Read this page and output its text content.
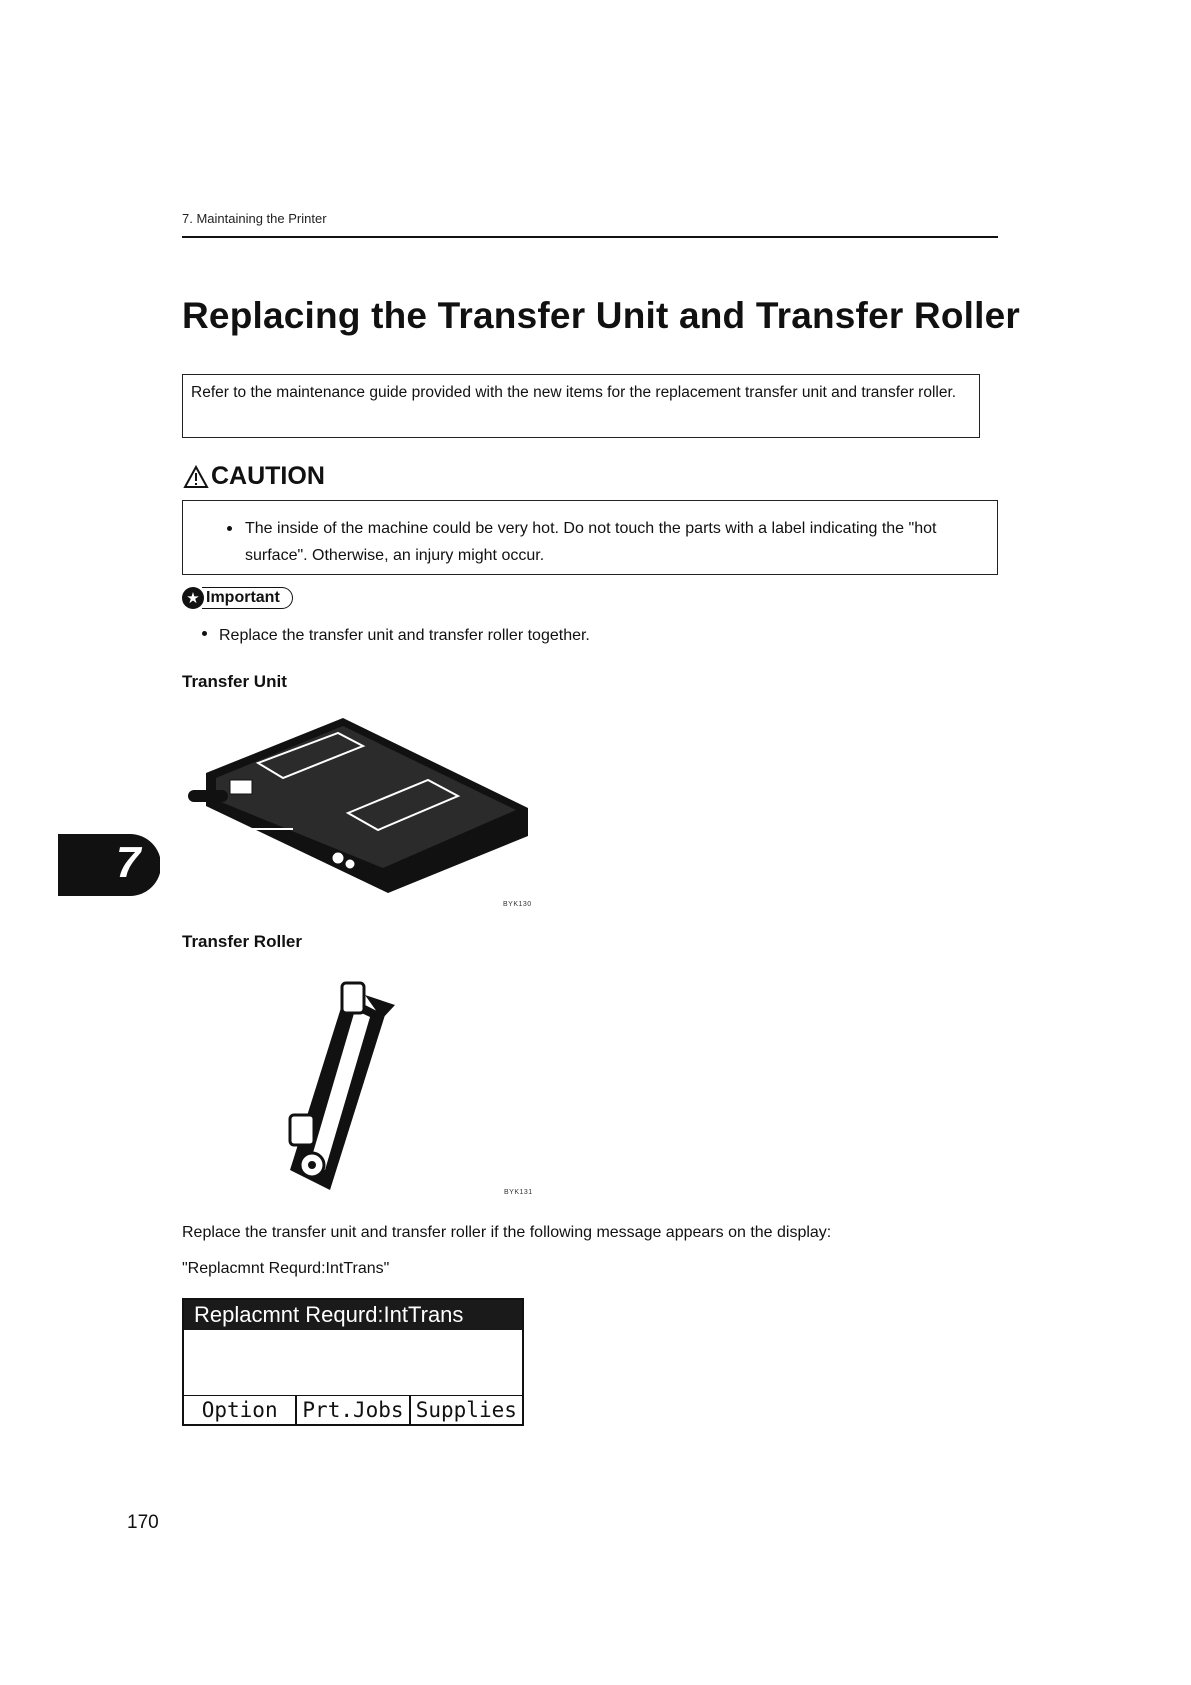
7. Maintaining the Printer
Replacing the Transfer Unit and Transfer Roller
Refer to the maintenance guide provided with the new items for the replacement transfer unit and transfer roller.
CAUTION
The inside of the machine could be very hot. Do not touch the parts with a label indicating the "hot surface". Otherwise, an injury might occur.
★ Important
Replace the transfer unit and transfer roller together.
Transfer Unit
BYK130
7
Transfer Roller
BYK131
Replace the transfer unit and transfer roller if the following message appears on the display:
"Replacmnt Requrd:IntTrans"
Replacmnt Requrd:IntTrans
Option	Prt.Jobs Supplies
170
